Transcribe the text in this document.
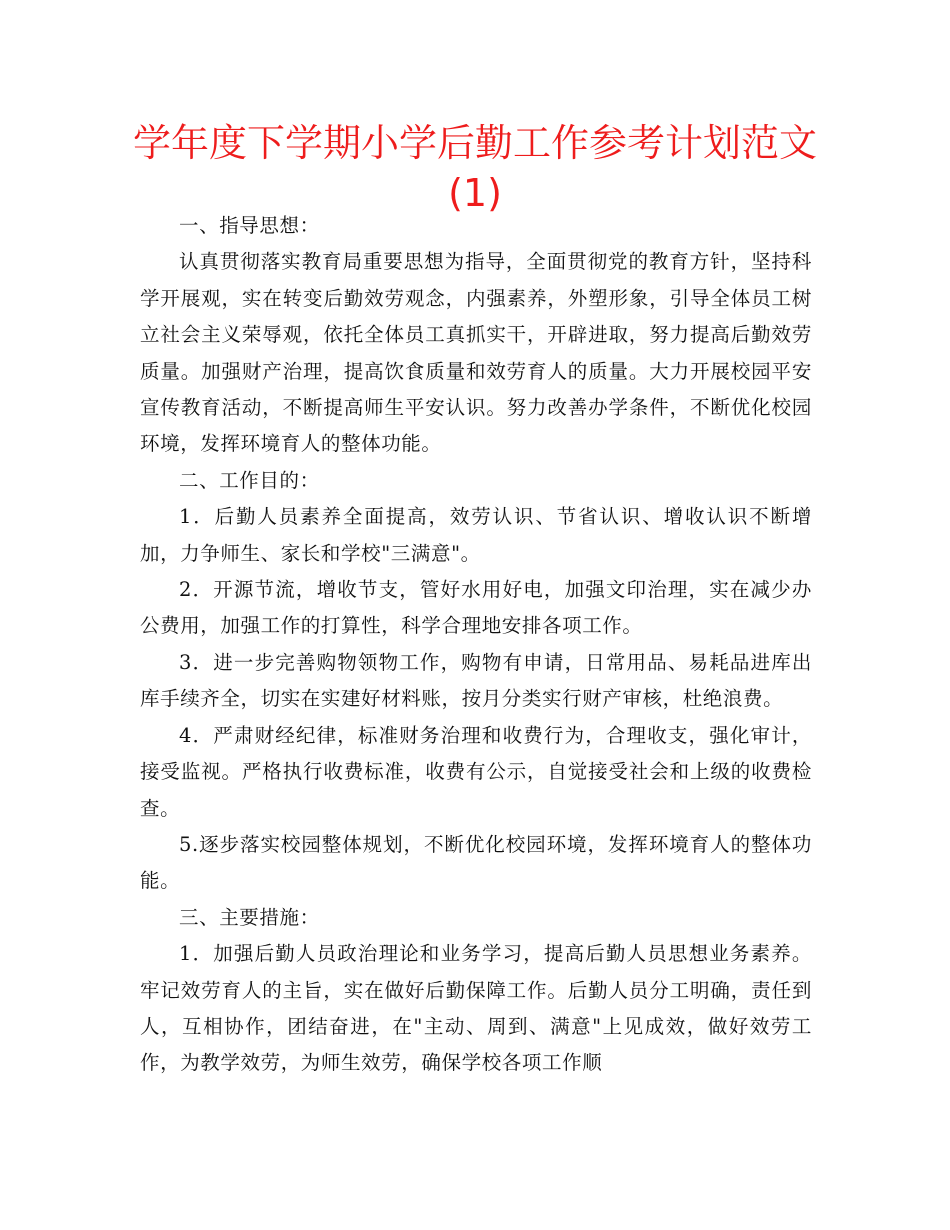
学年度下学期小学后勤工作参考计划范文(1)

一、指导思想：

认真贯彻落实教育局重要思想为指导，全面贯彻党的教育方针，坚持科学开展观，实在转变后勤效劳观念，内强素养，外塑形象，引导全体员工树立社会主义荣辱观，依托全体员工真抓实干，开辟进取，努力提高后勤效劳质量。加强财产治理，提高饮食质量和效劳育人的质量。大力开展校园平安宣传教育活动，不断提高师生平安认识。努力改善办学条件，不断优化校园环境，发挥环境育人的整体功能。

二、工作目的：

1．后勤人员素养全面提高，效劳认识、节省认识、增收认识不断增加，力争师生、家长和学校"三满意"。

2．开源节流，增收节支，管好水用好电，加强文印治理，实在减少办公费用，加强工作的打算性，科学合理地安排各项工作。

3．进一步完善购物领物工作，购物有申请，日常用品、易耗品进库出库手续齐全，切实在实建好材料账，按月分类实行财产审核，杜绝浪费。

4．严肃财经纪律，标准财务治理和收费行为，合理收支，强化审计，接受监视。严格执行收费标准，收费有公示，自觉接受社会和上级的收费检查。

5.逐步落实校园整体规划，不断优化校园环境，发挥环境育人的整体功能。

三、主要措施：

1．加强后勤人员政治理论和业务学习，提高后勤人员思想业务素养。牢记效劳育人的主旨，实在做好后勤保障工作。后勤人员分工明确，责任到人，互相协作，团结奋进，在"主动、周到、满意"上见成效，做好效劳工作，为教学效劳，为师生效劳，确保学校各项工作顺
